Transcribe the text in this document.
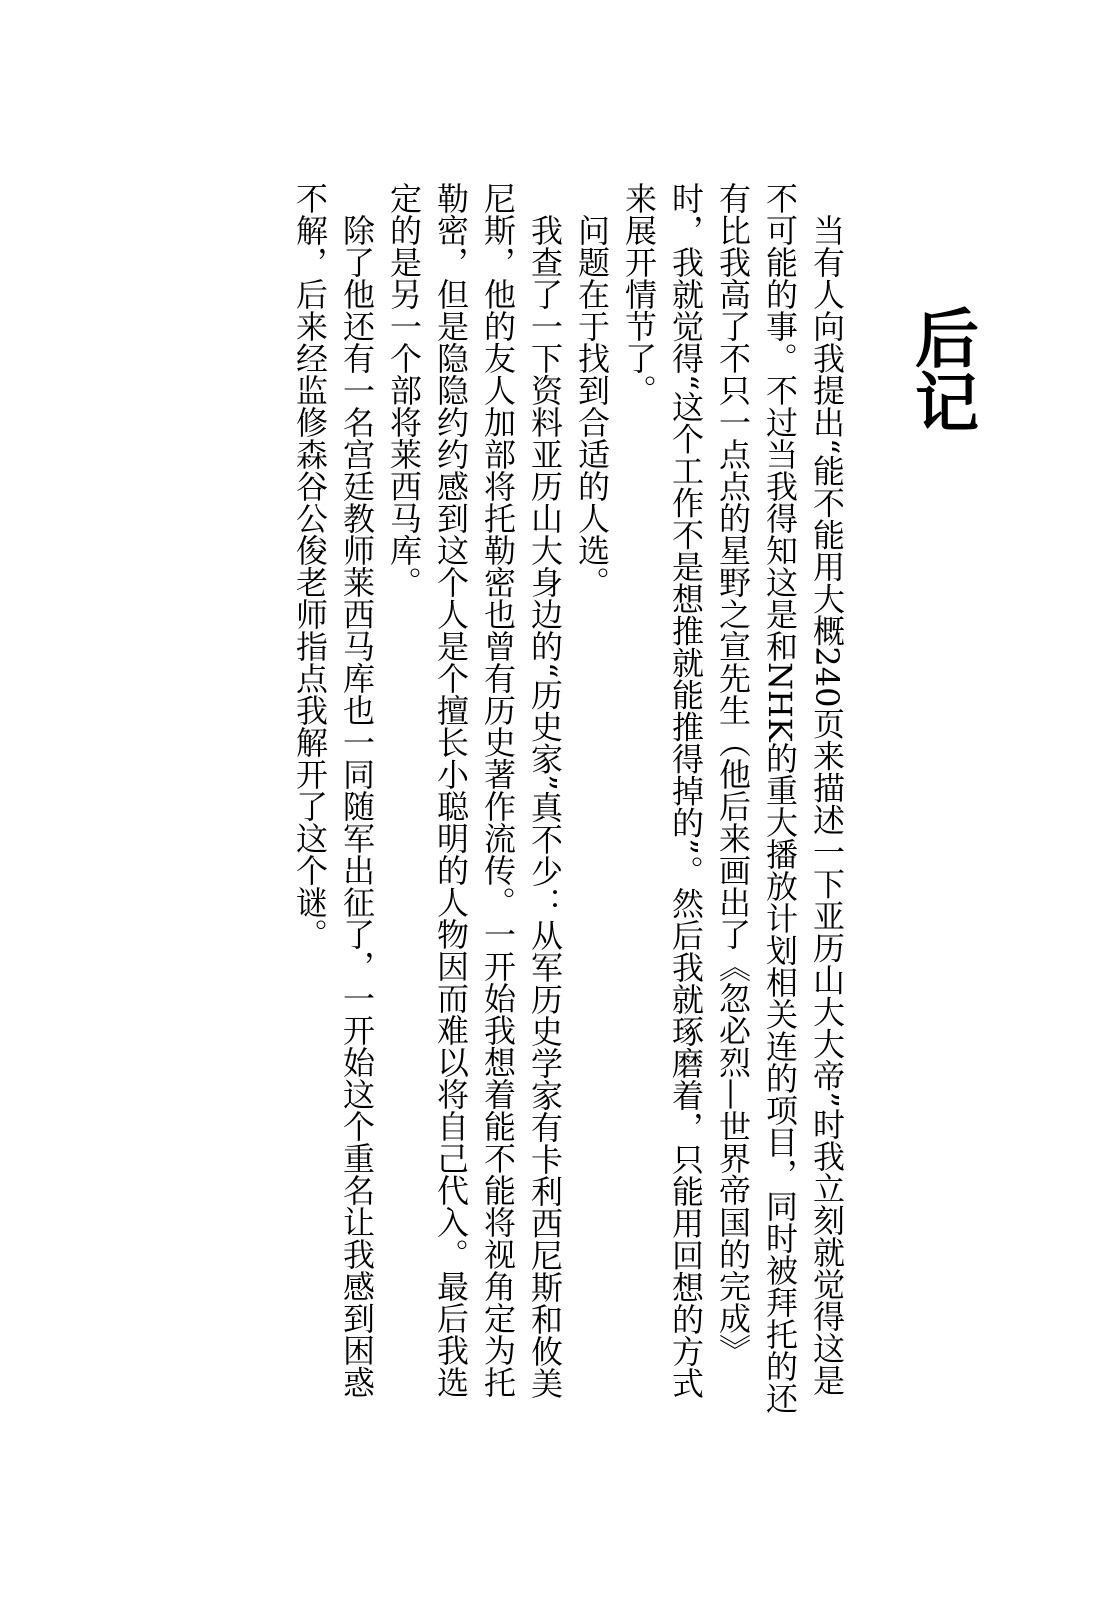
后记

当有人向我提出“能不能用大概240页来描述一下亚历山大大帝”时我立刻就觉得这是不可能的事。不过当我得知这是和NHK的重大播放计划相关连的项目，同时被拜托的还有比我高了不只一点点的星野之宣先生（他后来画出了《忽必烈—世界帝国的完成》时，我就觉得“这个工作不是想推就能推得掉的”。然后我就琢磨着，只能用回想的方式来展开情节了。

问题在于找到合适的人选。

我查了一下资料亚历山大身边的“历史家”真不少：从军历史学家有卡利西尼斯和攸美尼斯，他的友人加部将托勒密也曾有历史著作流传。一开始我想着能不能将视角定为托勒密，但是隐隐约约感到这个人是个擅长小聪明的人物因而难以将自己代入。最后我选定的是另一个部将莱西马库。

除了他还有一名宫廷教师莱西马库也一同随军出征了，一开始这个重名让我感到困惑不解，后来经监修森谷公俊老师指点我解开了这个谜。
